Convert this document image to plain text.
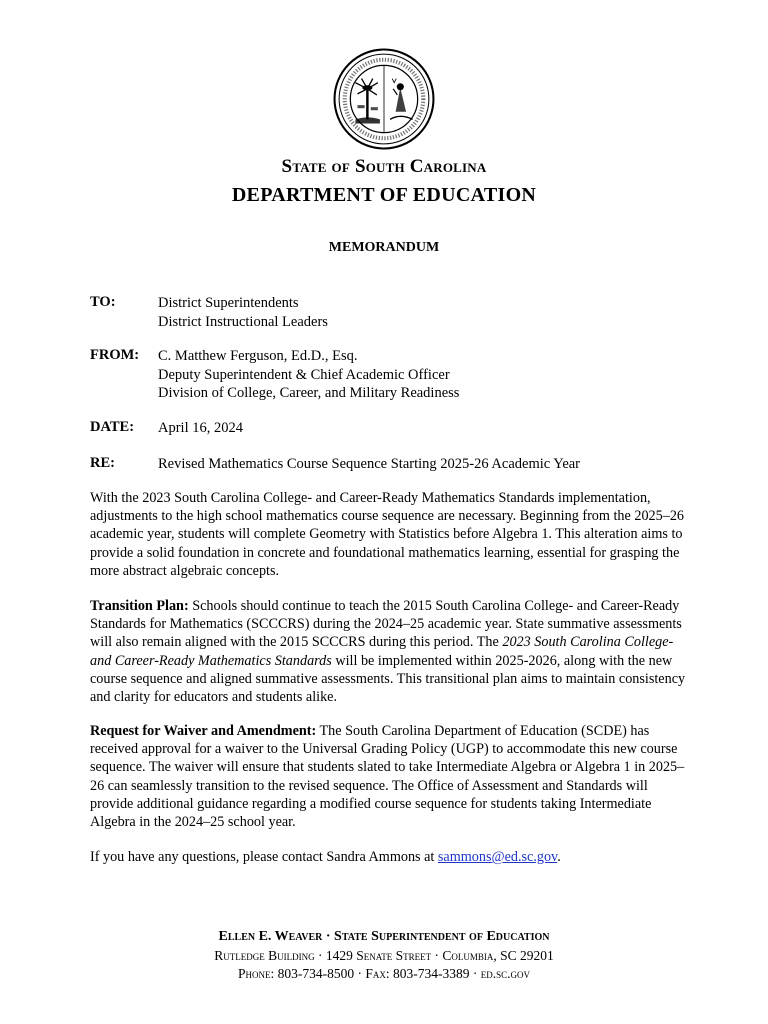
State of South Carolina
DEPARTMENT OF EDUCATION
MEMORANDUM
TO:	District Superintendents
District Instructional Leaders
FROM: C. Matthew Ferguson, Ed.D., Esq.
Deputy Superintendent & Chief Academic Officer
Division of College, Career, and Military Readiness
DATE: April 16, 2024
RE:	Revised Mathematics Course Sequence Starting 2025-26 Academic Year
With the 2023 South Carolina College- and Career-Ready Mathematics Standards implementation, adjustments to the high school mathematics course sequence are necessary. Beginning from the 2025–26 academic year, students will complete Geometry with Statistics before Algebra 1. This alteration aims to provide a solid foundation in concrete and foundational mathematics learning, essential for grasping the more abstract algebraic concepts.
Transition Plan: Schools should continue to teach the 2015 South Carolina College- and Career-Ready Standards for Mathematics (SCCCRS) during the 2024–25 academic year. State summative assessments will also remain aligned with the 2015 SCCCRS during this period. The 2023 South Carolina College- and Career-Ready Mathematics Standards will be implemented within 2025-2026, along with the new course sequence and aligned summative assessments. This transitional plan aims to maintain consistency and clarity for educators and students alike.
Request for Waiver and Amendment: The South Carolina Department of Education (SCDE) has received approval for a waiver to the Universal Grading Policy (UGP) to accommodate this new course sequence. The waiver will ensure that students slated to take Intermediate Algebra or Algebra 1 in 2025–26 can seamlessly transition to the revised sequence. The Office of Assessment and Standards will provide additional guidance regarding a modified course sequence for students taking Intermediate Algebra in the 2024–25 school year.
If you have any questions, please contact Sandra Ammons at sammons@ed.sc.gov.
Ellen E. Weaver · State Superintendent of Education
Rutledge Building · 1429 Senate Street · Columbia, SC 29201
Phone: 803-734-8500 · Fax: 803-734-3389 · ed.sc.gov
